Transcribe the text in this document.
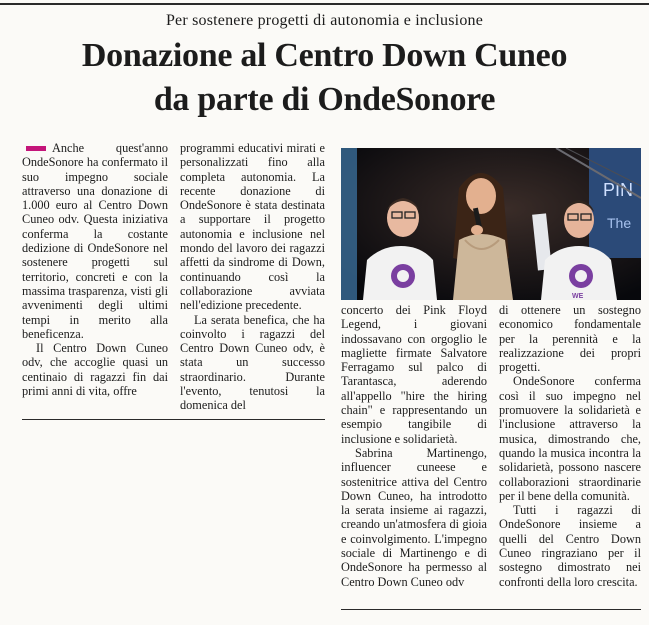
Per sostenere progetti di autonomia e inclusione
Donazione al Centro Down Cuneo
da parte di OndeSonore

Anche quest'anno OndeSonore ha confermato il suo impegno sociale attraverso una donazione di 1.000 euro al Centro Down Cuneo odv. Questa iniziativa conferma la costante dedizione di OndeSonore nel sostenere progetti sul territorio, concreti e con la massima trasparenza, visti gli avvenimenti degli ultimi tempi in merito alla beneficenza.

Il Centro Down Cuneo odv, che accoglie quasi un centinaio di ragazzi fin dai primi anni di vita, offre

programmi educativi mirati e personalizzati fino alla completa autonomia. La recente donazione di OndeSonore è stata destinata a supportare il progetto autonomia e inclusione nel mondo del lavoro dei ragazzi affetti da sindrome di Down, continuando così la collaborazione avviata nell'edizione precedente.

La serata benefica, che ha coinvolto i ragazzi del Centro Down Cuneo odv, è stata un successo straordinario. Durante l'evento, tenutosi la domenica del

PIN
The
WE

concerto dei Pink Floyd Legend, i giovani indossavano con orgoglio le magliette firmate Salvatore Ferragamo sul palco di Tarantasca, aderendo all'appello "hire the hiring chain" e rappresentando un esempio tangibile di inclusione e solidarietà.

Sabrina Martinengo, influencer cuneese e sostenitrice attiva del Centro Down Cuneo, ha introdotto la serata insieme ai ragazzi, creando un'atmosfera di gioia e coinvolgimento. L'impegno sociale di Martinengo e di OndeSonore ha permesso al Centro Down Cuneo odv

di ottenere un sostegno economico fondamentale per la perennità e la realizzazione dei propri progetti.

OndeSonore conferma così il suo impegno nel promuovere la solidarietà e l'inclusione attraverso la musica, dimostrando che, quando la musica incontra la solidarietà, possono nascere collaborazioni straordinarie per il bene della comunità.

Tutti i ragazzi di OndeSonore insieme a quelli del Centro Down Cuneo ringraziano per il sostegno dimostrato nei confronti della loro crescita.
